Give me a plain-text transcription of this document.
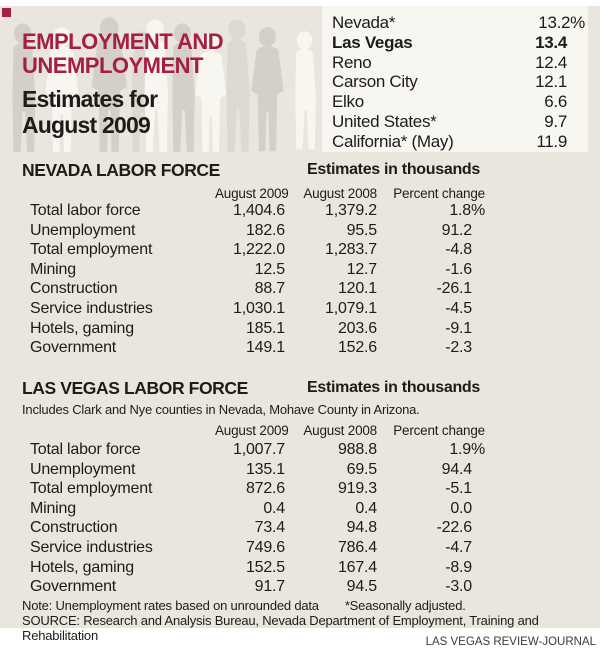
EMPLOYMENT AND
UNEMPLOYMENT
Estimates for
August 2009
Nevada*	13.2%
Las Vegas	13.4
Reno	12.4
Carson City	12.1
Elko	6.6
United States*	9.7
California* (May)	11.9
NEVADA LABOR FORCE	Estimates in thousands
August 2009	August 2008	Percent change
Total labor force	1,404.6	1,379.2	1.8%
Unemployment	182.6	95.5	91.2
Total employment	1,222.0	1,283.7	-4.8
Mining	12.5	12.7	-1.6
Construction	88.7	120.1	-26.1
Service industries	1,030.1	1,079.1	-4.5
Hotels, gaming	185.1	203.6	-9.1
Government	149.1	152.6	-2.3
LAS VEGAS LABOR FORCE	Estimates in thousands
Includes Clark and Nye counties in Nevada, Mohave County in Arizona.
August 2009	August 2008	Percent change
Total labor force	1,007.7	988.8	1.9%
Unemployment	135.1	69.5	94.4
Total employment	872.6	919.3	-5.1
Mining	0.4	0.4	0.0
Construction	73.4	94.8	-22.6
Service industries	749.6	786.4	-4.7
Hotels, gaming	152.5	167.4	-8.9
Government	91.7	94.5	-3.0
Note: Unemployment rates based on unrounded data *Seasonally adjusted.
SOURCE: Research and Analysis Bureau, Nevada Department of Employment, Training and Rehabilitation	LAS VEGAS REVIEW-JOURNAL
